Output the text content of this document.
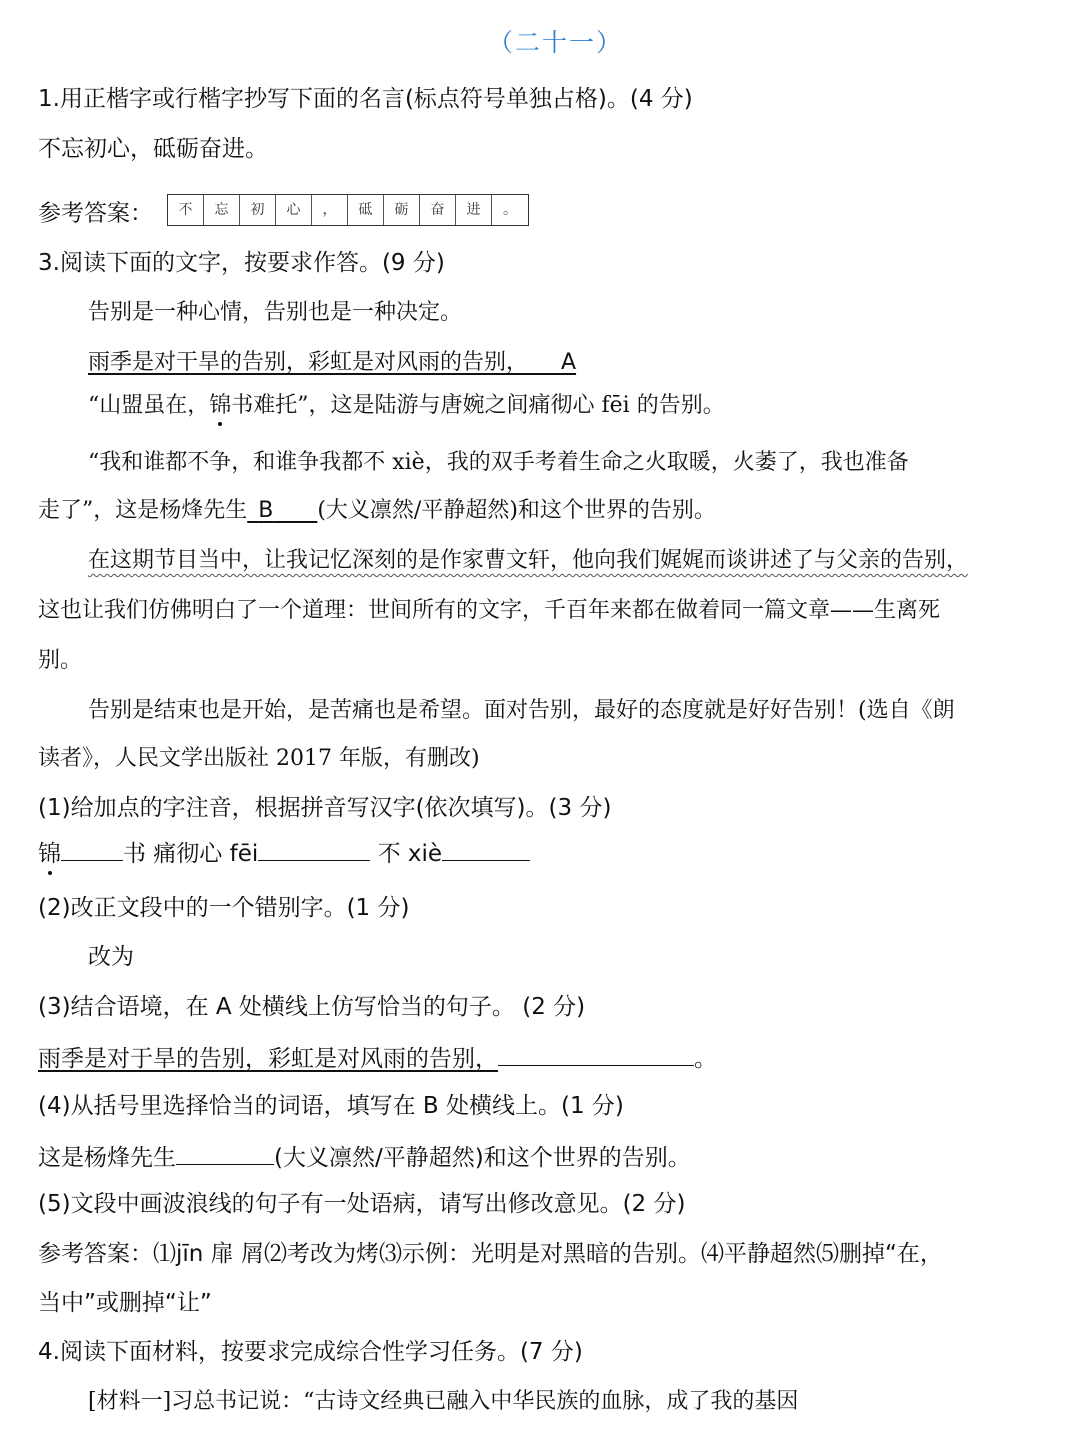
（二十一）
1.用正楷字或行楷字抄写下面的名言(标点符号单独占格)。(4 分)
不忘初心，砥砺奋进。
参考答案：	不	忘	初	心	，	砥	砺	奋	进	。
3.阅读下面的文字，按要求作答。(9 分)
告别是一种心情，告别也是一种决定。
雨季是对干旱的告别，彩虹是对风雨的告别，   A
“山盟虽在，锦书难托”，这是陆游与唐婉之间痛彻心 fēi 的告别。
“我和谁都不争，和谁争我都不 xiè，我的双手考着生命之火取暖，火萎了，我也准备
走了”，这是杨烽先生  B   (大义凛然/平静超然)和这个世界的告别。
在这期节目当中，让我记忆深刻的是作家曹文轩，他向我们娓娓而谈讲述了与父亲的告别，
这也让我们仿佛明白了一个道理：世间所有的文字，千百年来都在做着同一篇文章——生离死
别。
告别是结束也是开始，是苦痛也是希望。面对告别，最好的态度就是好好告别！(选自《朗
读者》，人民文学出版社 2017 年版，有删改)
(1)给加点的字注音，根据拼音写汉字(依次填写)。(3 分)
锦	书 痛彻心 fēi	不 xiè
(2)改正文段中的一个错别字。(1 分)
改为
(3)结合语境，在 A 处横线上仿写恰当的句子。 (2 分)
雨季是对于旱的告别，彩虹是对风雨的告别，	。
(4)从括号里选择恰当的词语，填写在 B 处横线上。(1 分)
这是杨烽先生	(大义凛然/平静超然)和这个世界的告别。
(5)文段中画波浪线的句子有一处语病，请写出修改意见。(2 分)
参考答案：⑴jīn 扉 屑⑵考改为烤⑶示例：光明是对黑暗的告别。⑷平静超然⑸删掉“在，
当中”或删掉“让”
4.阅读下面材料，按要求完成综合性学习任务。(7 分)
[材料一]习总书记说：“古诗文经典已融入中华民族的血脉，成了我的基因
